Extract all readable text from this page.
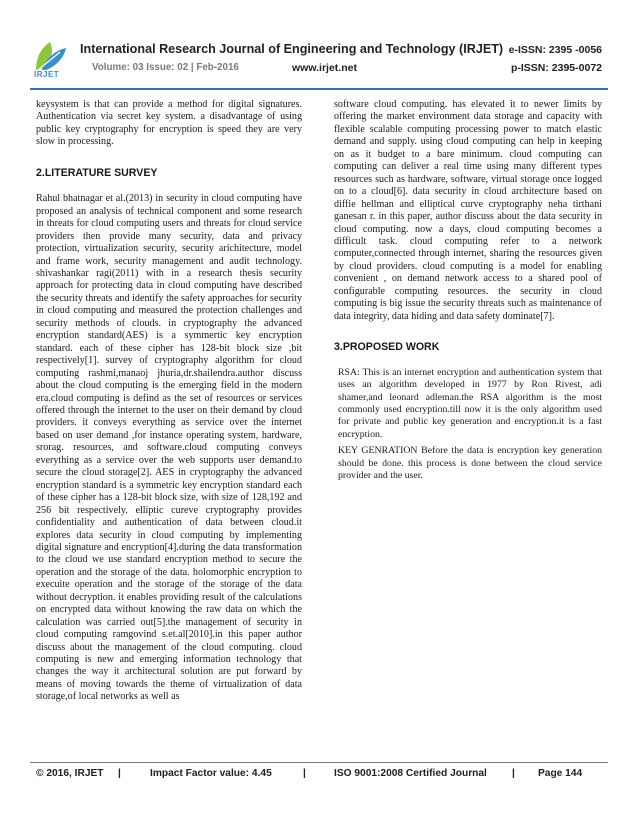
IRJET
International Research Journal of Engineering and Technology (IRJET) e-ISSN: 2395 -0056
Volume: 03 Issue: 02 | Feb-2016	www.irjet.net	p-ISSN: 2395-0072

keysystem is that can provide a method for digital signatures. Authentication via secret key system. a disadvantage of using public key cryptography for encryption is speed they are very slow in processing.

2.LITERATURE SURVEY

Rahul bhatnagar et al.(2013) in security in cloud computing have proposed an analysis of technical component and some research in threats for cloud computing users and threats for cloud service providers then provide many security, data and privacy protection, virtualization security, security arichitecture, model and frame work, security management and audit technology. shivashankar ragi(2011) with in a research thesis security approach for protecting data in cloud computing have described the security threats and identify the safety approaches for security in cloud computing and measured the protection challenges and security methods of clouds. in cryptography the advanced encryption standard(AES) is a symmertic key encryption standard. each of these cipher has 128-bit block size ,bit respectively[1]. survey of cryptography algorithm for cloud computing rashmi,manaoj jhuria,dr.shailendra.author discuss about the cloud computing is the emerging field in the modern era.cloud computing is defind as the set of resources or services offered through the internet to the user on their demand by cloud providers. it conveys everything as service over the internet based on user demand ,for instance operating system, hardware, srorag. resources, and software.cloud computing conveys everything as a service over the web supports user demand.to secure the cloud storage[2]. AES in cryptography the advanced encryption standard is a symmetric key encryption standard each of these cipher has a 128-bit block size, with size of 128,192 and 256 bit respectively. elliptic cureve cryptography provides confidentiality and authentication of data between cloud.it explores data security in cloud computing by implementing digital signature and encryption[4].during the data transformation to the cloud we use standard encryption method to secure the operation and the storage of the data. holomorphic encryption to execuite operation and the storage of the storage of the data without decryption. it enables providing result of the calculations on encrypted data without knowing the raw data on which the calculation was carried out[5].the management of security in cloud computing ramgovind s.et.al[2010].in this paper author discuss about the management of the cloud computing. cloud computing is new and emerging information technology that changes the way it architectural solution are put forward by means of moving towards the theme of virtualization of data storage,of local networks as well as

software cloud computing. has elevated it to newer limits by offering the market environment data storage and capacity with flexible scalable computing processing power to match elastic demand and supply. using cloud computing can help in keeping on as it budget to a bare minimum. cloud computing can computing can deliver a real time using many different types resources such as hardware, software, virtual storage once logged on to a cloud[6]. data security in cloud architecture based on diffie hellman and elliptical curve cryptography neha tirthani ganesan r. in this paper, author discuss about the data security in cloud computing. now a days, cloud computing becomes a difficult task. cloud computing refer to a network computer,connected through internet, sharing the resources given by cloud providers. cloud computing is a model for enabling convenient , on demand network access to a shared pool of configurable computing resources. the security in cloud computing is big issue the security threats such as maintenance of data integrity, data hiding and data safety dominate[7].

3.PROPOSED WORK

RSA: This is an internet encryption and authentication system that uses an algorithm developed in 1977 by Ron Rivest, adi shamer,and leonard adleman.the RSA algorithm is the most commonly used encryption.till now it is the only algorithm used for private and public key generation and encryption.it is a fast encryption.

KEY GENRATION Before the data is encryption key generation should be done. this process is done between the cloud service provider and the user.

© 2016, IRJET |	Impact Factor value: 4.45	|	ISO 9001:2008 Certified Journal | Page 144
